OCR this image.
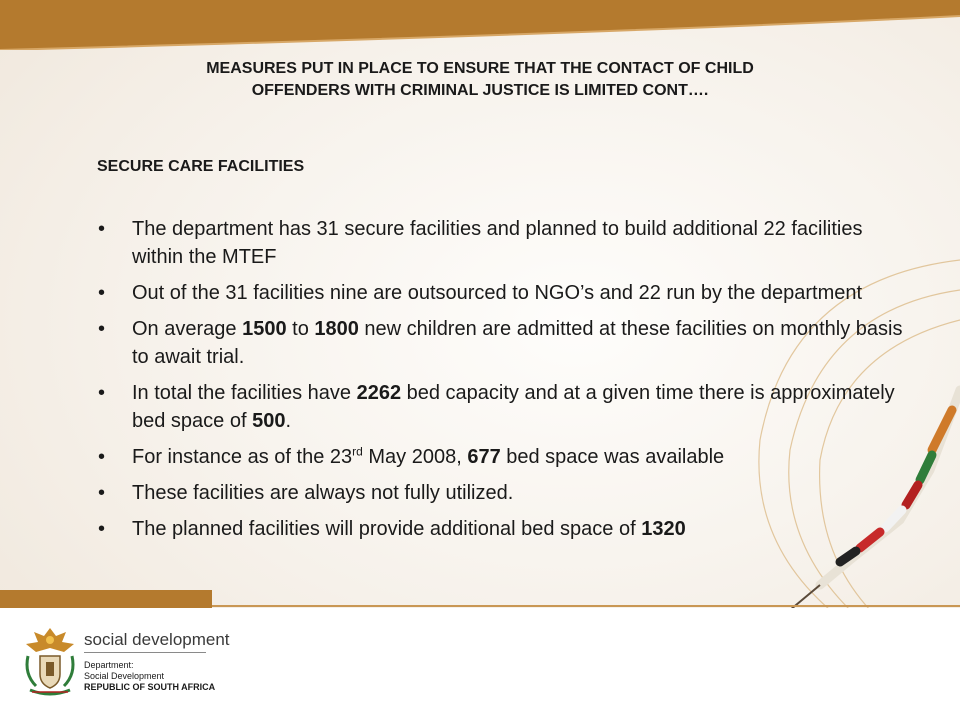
MEASURES PUT IN PLACE TO ENSURE THAT THE CONTACT OF CHILD
OFFENDERS WITH CRIMINAL JUSTICE IS LIMITED CONT….
SECURE CARE FACILITIES
• The department has 31 secure facilities and planned to build additional 22 facilities within the MTEF
• Out of the 31 facilities nine are outsourced to NGO’s and 22 run by the department
• On average 1500 to 1800 new children are admitted at these facilities on monthly basis to await trial.
• In total the facilities have 2262 bed capacity and at a given time there is approximately bed space of 500.
• For instance as of the 23rd May 2008, 677 bed space was available
• These facilities are always not fully utilized.
• The planned facilities will provide additional bed space of 1320
social development
Department:
Social Development
REPUBLIC OF SOUTH AFRICA
